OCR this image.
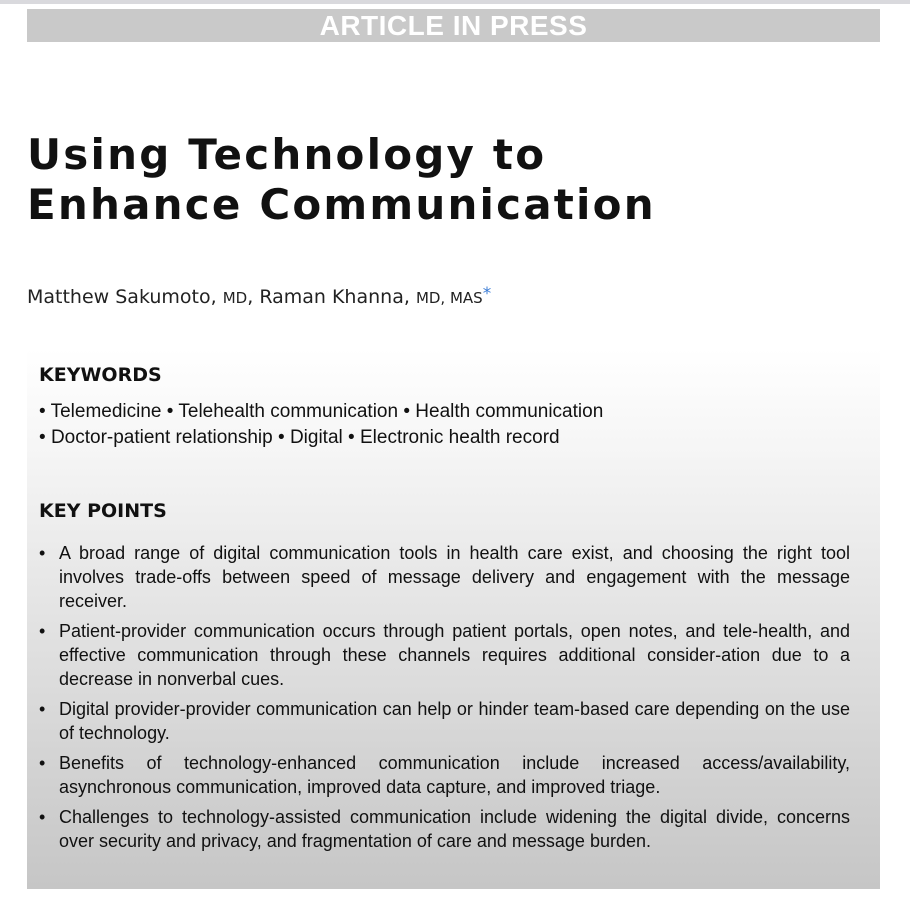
ARTICLE IN PRESS
Using Technology to
Enhance Communication
Matthew Sakumoto, MD, Raman Khanna, MD, MAS*
KEYWORDS
• Telemedicine • Telehealth communication • Health communication
• Doctor-patient relationship • Digital • Electronic health record
KEY POINTS
• A broad range of digital communication tools in health care exist, and choosing the right tool involves trade-offs between speed of message delivery and engagement with the message receiver.
• Patient-provider communication occurs through patient portals, open notes, and tele-health, and effective communication through these channels requires additional consider-ation due to a decrease in nonverbal cues.
• Digital provider-provider communication can help or hinder team-based care depending on the use of technology.
• Benefits of technology-enhanced communication include increased access/availability, asynchronous communication, improved data capture, and improved triage.
• Challenges to technology-assisted communication include widening the digital divide, concerns over security and privacy, and fragmentation of care and message burden.
